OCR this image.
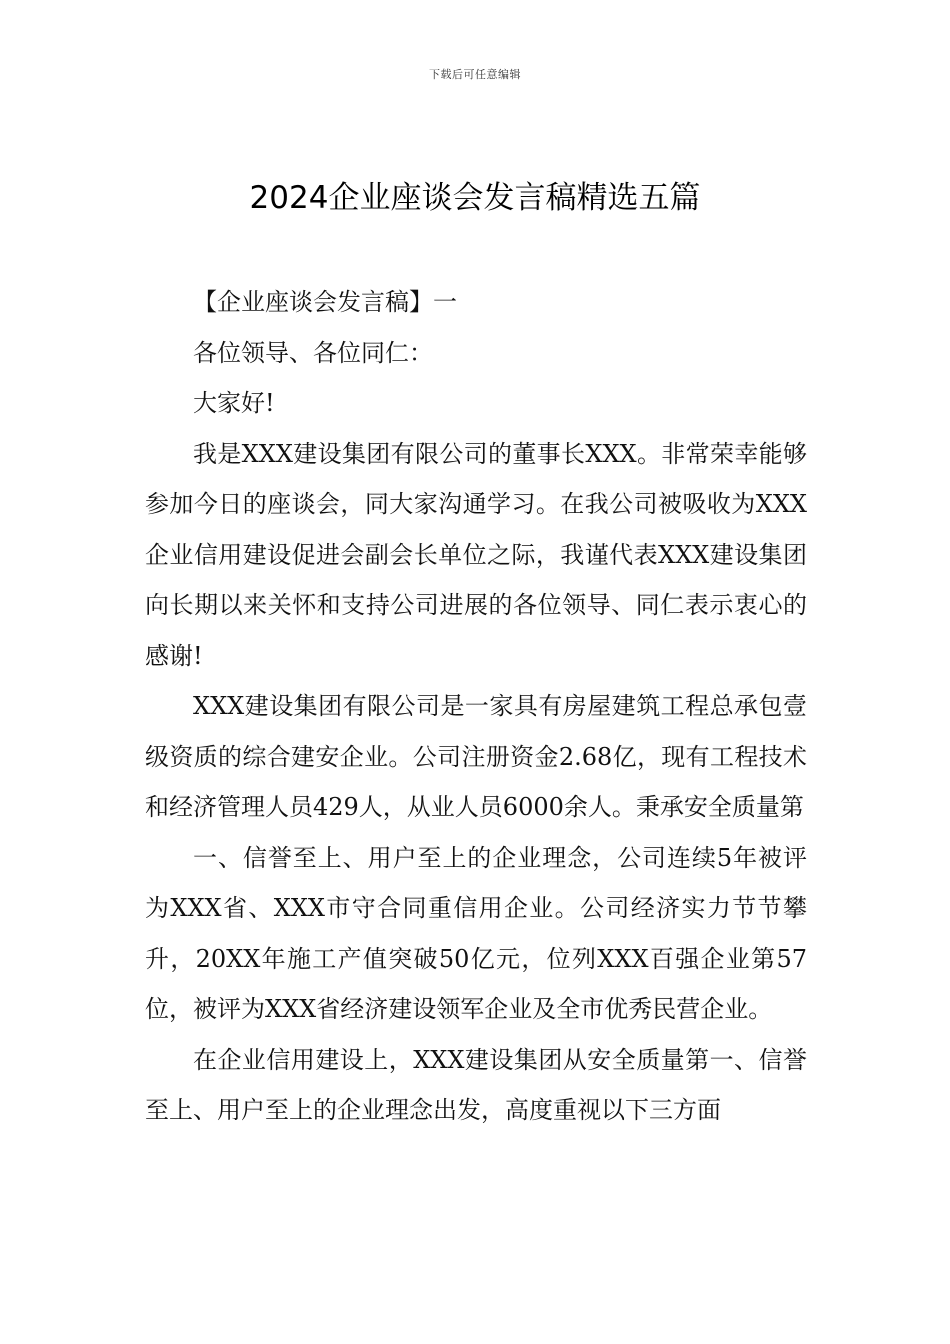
下载后可任意编辑
2024企业座谈会发言稿精选五篇

【企业座谈会发言稿】一

各位领导、各位同仁：

大家好!

我是XXX建设集团有限公司的董事长XXX。非常荣幸能够参加今日的座谈会，同大家沟通学习。在我公司被吸收为XXX企业信用建设促进会副会长单位之际，我谨代表XXX建设集团向长期以来关怀和支持公司进展的各位领导、同仁表示衷心的感谢!

XXX建设集团有限公司是一家具有房屋建筑工程总承包壹级资质的综合建安企业。公司注册资金2.68亿，现有工程技术和经济管理人员429人，从业人员6000余人。秉承安全质量第

一、信誉至上、用户至上的企业理念，公司连续5年被评为XXX省、XXX市守合同重信用企业。公司经济实力节节攀升，20XX年施工产值突破50亿元，位列XXX百强企业第57位，被评为XXX省经济建设领军企业及全市优秀民营企业。

在企业信用建设上，XXX建设集团从安全质量第一、信誉至上、用户至上的企业理念出发，高度重视以下三方面
